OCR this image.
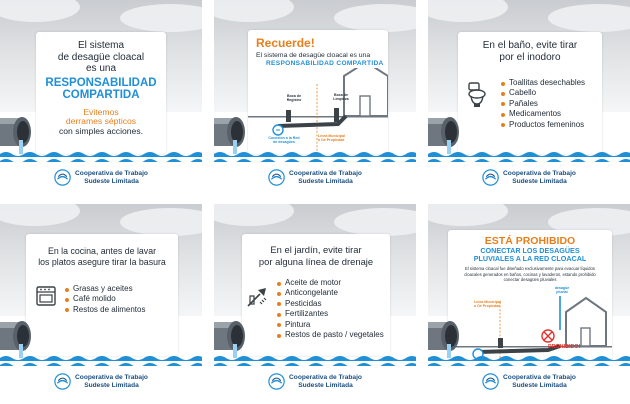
El sistema
de desagüe cloacal
es una
RESPONSABILIDAD
COMPARTIDA
Evitemos
derrames sépticos
con simples acciones.
Cooperativa de Trabajo
Sudeste Limitada
Recuerde!
El sistema de desagüe cloacal es una
RESPONSABILIDAD COMPARTIDA
Boca de Registro
Boca de Limpieza
Conexión a la Red de desagües
Línea Municipal
o De Propiedad
Cooperativa de Trabajo
Sudeste Limitada
En el baño, evite tirar
por el inodoro
Toallitas desechables
Cabello
Pañales
Medicamentos
Productos femeninos
Cooperativa de Trabajo
Sudeste Limitada
En la cocina, antes de lavar
los platos asegure tirar la basura
Grasas y aceites
Café molido
Restos de alimentos
Cooperativa de Trabajo
Sudeste Limitada
En el jardín, evite tirar
por alguna línea de drenaje
Aceite de motor
Anticongelante
Pesticidas
Fertilizantes
Pintura
Restos de pasto / vegetales
Cooperativa de Trabajo
Sudeste Limitada
ESTÁ PROHIBIDO
CONECTAR LOS DESAGÜES
PLUVIALES A LA RED CLOACAL
El sistema cloacal fue diseñado exclusivamente para evacuar líquidos cloacales generados en baños, cocinas y lavaderos, estando prohibido conectar desagües pluviales
Línea Municipal
o De Propiedad
desagüe
pluvial
PROHIBIDO!
Cooperativa de Trabajo
Sudeste Limitada
